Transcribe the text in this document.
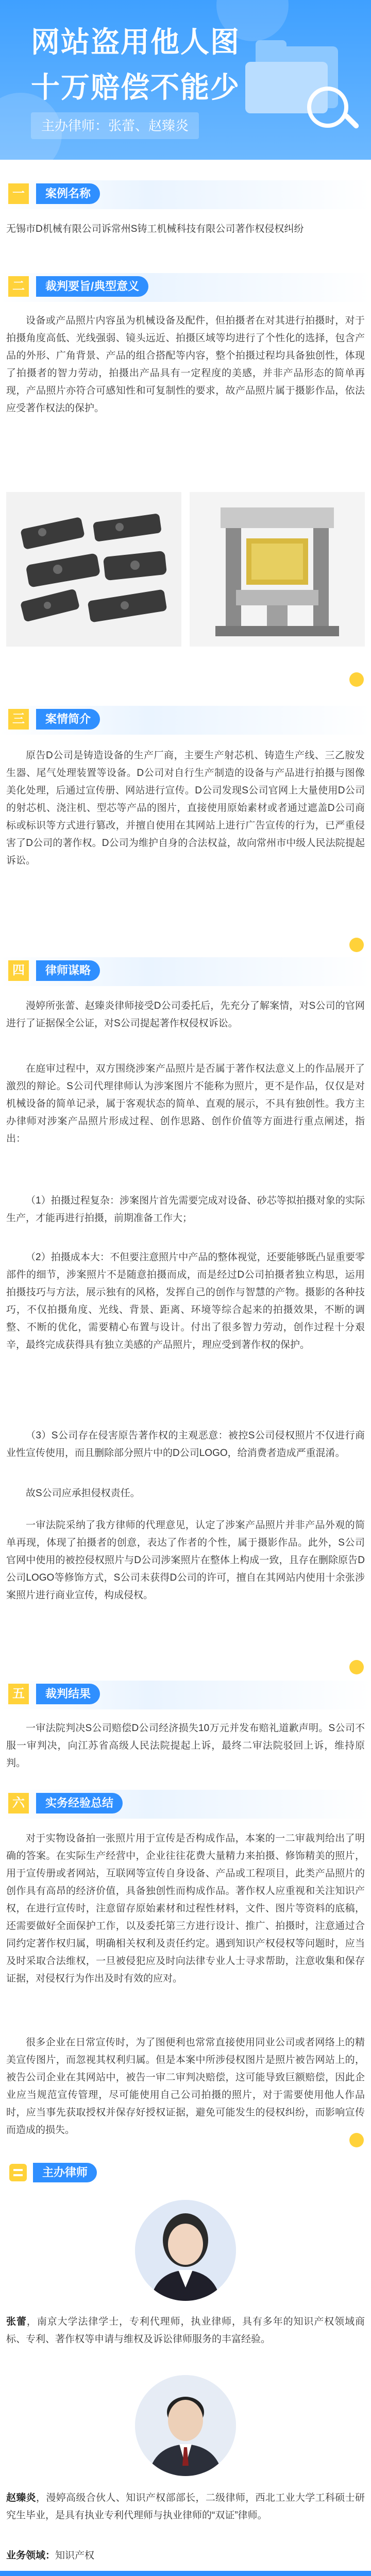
网站盗用他人图
十万赔偿不能少
主办律师：张蕾、赵臻炎
一	案例名称

无锡市D机械有限公司诉常州S铸工机械科技有限公司著作权侵权纠纷

二	裁判要旨/典型意义

设备或产品照片内容虽为机械设备及配件，但拍摄者在对其进行拍摄时，对于拍摄角度高低、光线强弱、镜头远近、拍摄区域等均进行了个性化的选择，包含产品的外形、广角背景、产品的组合搭配等内容，整个拍摄过程均具备独创性，体现了拍摄者的智力劳动，拍摄出产品具有一定程度的美感，并非产品形态的简单再现，产品照片亦符合可感知性和可复制性的要求，故产品照片属于摄影作品，依法应受著作权法的保护。

三	案情简介

原告D公司是铸造设备的生产厂商，主要生产射芯机、铸造生产线、三乙胺发生器、尾气处理装置等设备。D公司对自行生产制造的设备与产品进行拍摄与图像美化处理，后通过宣传册、网站进行宣传。D公司发现S公司官网上大量使用D公司的射芯机、浇注机、型芯等产品的图片，直接使用原始素材或者通过遮盖D公司商标或标识等方式进行篡改，并擅自使用在其网站上进行广告宣传的行为，已严重侵害了D公司的著作权。D公司为维护自身的合法权益，故向常州市中级人民法院提起诉讼。

四	律师谋略

漫婷所张蕾、赵臻炎律师接受D公司委托后，先充分了解案情，对S公司的官网进行了证据保全公证，对S公司提起著作权侵权诉讼。

在庭审过程中，双方围绕涉案产品照片是否属于著作权法意义上的作品展开了激烈的辩论。S公司代理律师认为涉案图片不能称为照片，更不是作品，仅仅是对机械设备的简单记录，属于客观状态的简单、直观的展示，不具有独创性。我方主办律师对涉案产品照片形成过程、创作思路、创作价值等方面进行重点阐述，指出：

（1）拍摄过程复杂：涉案图片首先需要完成对设备、砂芯等拟拍摄对象的实际生产，才能再进行拍摄，前期准备工作大；

（2）拍摄成本大：不但要注意照片中产品的整体视觉，还要能够既凸显重要零部件的细节，涉案照片不是随意拍摄而成，而是经过D公司拍摄者独立构思，运用拍摄技巧与方法，展示独有的风格，发挥自己的创作与智慧的产物。摄影的各种技巧，不仅拍摄角度、光线、背景、距离、环境等综合起来的拍摄效果，不断的调整、不断的优化，需要精心布置与设计。付出了很多智力劳动，创作过程十分艰辛，最终完成获得具有独立美感的产品照片，理应受到著作权的保护。

（3）S公司存在侵害原告著作权的主观恶意：被控S公司侵权照片不仅进行商业性宣传使用，而且删除部分照片中的D公司LOGO，给消费者造成严重混淆。

故S公司应承担侵权责任。

一审法院采纳了我方律师的代理意见，认定了涉案产品照片并非产品外观的简单再现，体现了拍摄者的创意，表达了作者的个性，属于摄影作品。此外，S公司官网中使用的被控侵权照片与D公司涉案照片在整体上构成一致，且存在删除原告D公司LOGO等修饰方式，S公司未获得D公司的许可，擅自在其网站内使用十余张涉案照片进行商业宣传，构成侵权。

五	裁判结果

一审法院判决S公司赔偿D公司经济损失10万元并发布赔礼道歉声明。S公司不服一审判决，向江苏省高级人民法院提起上诉，最终二审法院驳回上诉，维持原判。

六	实务经验总结

对于实物设备拍一张照片用于宣传是否构成作品，本案的一二审裁判给出了明确的答案。在实际生产经营中，企业往往花费大量精力来拍摄、修饰精美的照片，用于宣传册或者网站，互联网等宣传自身设备、产品或工程项目，此类产品照片的创作具有高昂的经济价值，具备独创性而构成作品。著作权人应重视和关注知识产权，在进行宣传时，注意留存原始素材和过程性材料，文件、图片等资料的底稿，还需要做好全面保护工作，以及委托第三方进行设计、推广、拍摄时，注意通过合同约定著作权归属，明确相关权利及责任约定。遇到知识产权侵权等问题时，应当及时采取合法维权，一旦被侵犯应及时向法律专业人士寻求帮助，注意收集和保存证据，对侵权行为作出及时有效的应对。

很多企业在日常宣传时，为了图便利也常常直接使用同业公司或者网络上的精美宣传图片，而忽视其权利归属。但是本案中所涉侵权图片是照片被告网站上的，被告公司企业在其网站中，被告一审二审判决赔偿，这可能导致巨额赔偿，因此企业应当规范宣传管理，尽可能使用自己公司拍摄的照片，对于需要使用他人作品时，应当事先获取授权并保存好授权证据，避免可能发生的侵权纠纷，而影响宣传而造成的损失。

主办律师

张蕾，南京大学法律学士，专利代理师，执业律师，具有多年的知识产权领域商标、专利、著作权等申请与维权及诉讼律师服务的丰富经验。

赵臻炎，漫婷高级合伙人、知识产权部部长，二级律师，西北工业大学工科硕士研究生毕业，是具有执业专利代理师与执业律师的“双证”律师。

业务领域：知识产权
